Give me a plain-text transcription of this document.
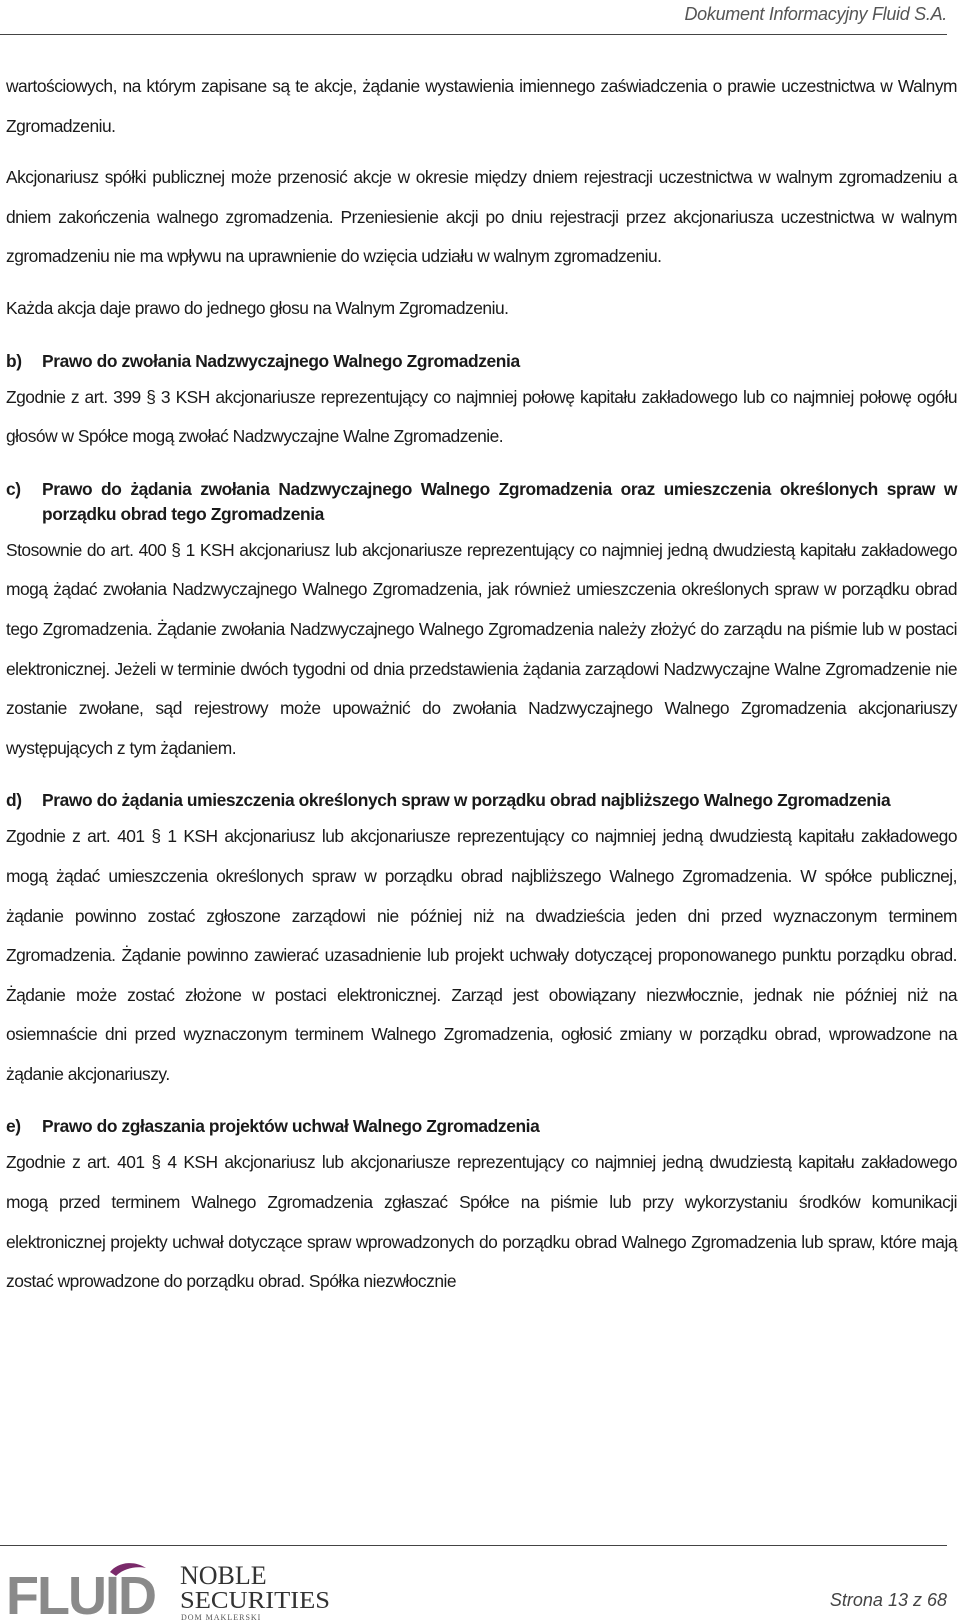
Dokument Informacyjny Fluid S.A.

wartościowych, na którym zapisane są te akcje, żądanie wystawienia imiennego zaświadczenia o prawie uczestnictwa w Walnym Zgromadzeniu.

Akcjonariusz spółki publicznej może przenosić akcje w okresie między dniem rejestracji uczestnictwa w walnym zgromadzeniu a dniem zakończenia walnego zgromadzenia. Przeniesienie akcji po dniu rejestracji przez akcjonariusza uczestnictwa w walnym zgromadzeniu nie ma wpływu na uprawnienie do wzięcia udziału w walnym zgromadzeniu.

Każda akcja daje prawo do jednego głosu na Walnym Zgromadzeniu.

b)	Prawo do zwołania Nadzwyczajnego Walnego Zgromadzenia

Zgodnie z art. 399 § 3 KSH akcjonariusze reprezentujący co najmniej połowę kapitału zakładowego lub co najmniej połowę ogółu głosów w Spółce mogą zwołać Nadzwyczajne Walne Zgromadzenie.

c)	Prawo do żądania zwołania Nadzwyczajnego Walnego Zgromadzenia oraz umieszczenia określonych spraw w porządku obrad tego Zgromadzenia

Stosownie do art. 400 § 1 KSH akcjonariusz lub akcjonariusze reprezentujący co najmniej jedną dwudziestą kapitału zakładowego mogą żądać zwołania Nadzwyczajnego Walnego Zgromadzenia, jak również umieszczenia określonych spraw w porządku obrad tego Zgromadzenia. Żądanie zwołania Nadzwyczajnego Walnego Zgromadzenia należy złożyć do zarządu na piśmie lub w postaci elektronicznej. Jeżeli w terminie dwóch tygodni od dnia przedstawienia żądania zarządowi Nadzwyczajne Walne Zgromadzenie nie zostanie zwołane, sąd rejestrowy może upoważnić do zwołania Nadzwyczajnego Walnego Zgromadzenia akcjonariuszy występujących z tym żądaniem.

d)	Prawo do żądania umieszczenia określonych spraw w porządku obrad najbliższego Walnego Zgromadzenia

Zgodnie z art. 401 § 1 KSH akcjonariusz lub akcjonariusze reprezentujący co najmniej jedną dwudziestą kapitału zakładowego mogą żądać umieszczenia określonych spraw w porządku obrad najbliższego Walnego Zgromadzenia. W spółce publicznej, żądanie powinno zostać zgłoszone zarządowi nie później niż na dwadzieścia jeden dni przed wyznaczonym terminem Zgromadzenia. Żądanie powinno zawierać uzasadnienie lub projekt uchwały dotyczącej proponowanego punktu porządku obrad. Żądanie może zostać złożone w postaci elektronicznej. Zarząd jest obowiązany niezwłocznie, jednak nie później niż na osiemnaście dni przed wyznaczonym terminem Walnego Zgromadzenia, ogłosić zmiany w porządku obrad, wprowadzone na żądanie akcjonariuszy.

e)	Prawo do zgłaszania projektów uchwał Walnego Zgromadzenia

Zgodnie z art. 401 § 4 KSH akcjonariusz lub akcjonariusze reprezentujący co najmniej jedną dwudziestą kapitału zakładowego mogą przed terminem Walnego Zgromadzenia zgłaszać Spółce na piśmie lub przy wykorzystaniu środków komunikacji elektronicznej projekty uchwał dotyczące spraw wprowadzonych do porządku obrad Walnego Zgromadzenia lub spraw, które mają zostać wprowadzone do porządku obrad. Spółka niezwłocznie

FLUID NOBLE
SECURITIES
DOM MAKLERSKI
Strona 13 z 68
